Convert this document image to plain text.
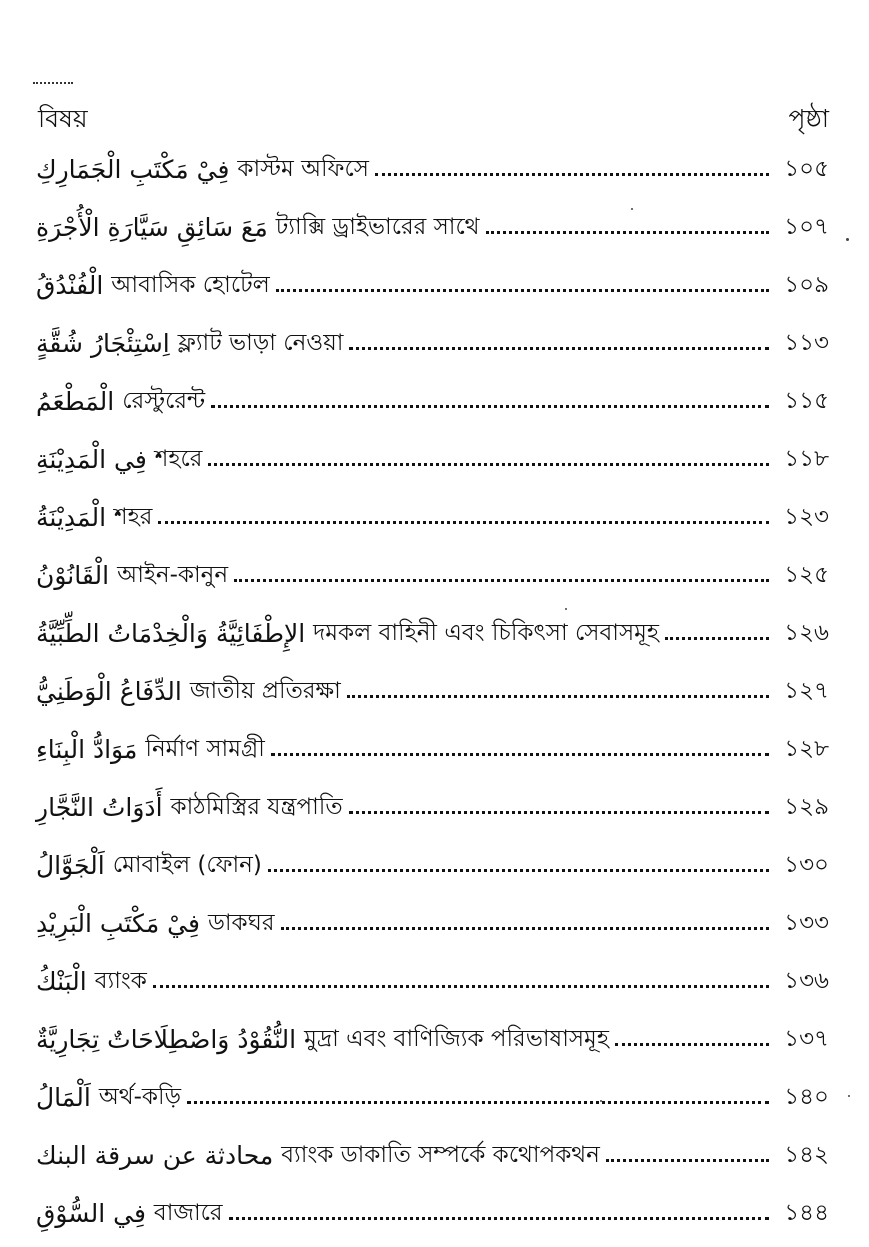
বিষয়	পৃষ্ঠা
فِيْ مَكْتَبِ الْجَمَارِكِ কাস্টম অফিসে	১০৫
مَعَ سَائِقِ سَيَّارَةِ الْأُجْرَةِ ট্যাক্সি ড্রাইভারের সাথে	১০৭
الْفُنْدُقُ আবাসিক হোটেল	১০৯
اِسْتِئْجَارُ شُقَّةٍ ফ্ল্যাট ভাড়া নেওয়া	১১৩
الْمَطْعَمُ রেস্টুরেন্ট	১১৫
فِي الْمَدِيْنَةِ শহরে	১১৮
الْمَدِيْنَةُ শহর	১২৩
الْقَانُوْنُ আইন-কানুন	১২৫
الإِطْفَائِيَّةُ وَالْخِدْمَاتُ الطِّبِّيَّةُ দমকল বাহিনী এবং চিকিৎসা সেবাসমূহ	১২৬
الدِّفَاعُ الْوَطَنِيُّ জাতীয় প্রতিরক্ষা	১২৭
مَوَادُّ الْبِنَاءِ নির্মাণ সামগ্রী	১২৮
أَدَوَاتُ النَّجَّارِ কাঠমিস্ত্রির যন্ত্রপাতি	১২৯
اَلْجَوَّالُ মোবাইল (ফোন)	১৩০
فِيْ مَكْتَبِ الْبَرِيْدِ ডাকঘর	১৩৩
الْبَنْكُ ব্যাংক	১৩৬
النُّقُوْدُ وَاصْطِلَاحَاتٌ تِجَارِيَّةٌ মুদ্রা এবং বাণিজ্যিক পরিভাষাসমূহ	১৩৭
اَلْمَالُ অর্থ-কড়ি	১৪০
محادثة عن سرقة البنك ব্যাংক ডাকাতি সম্পর্কে কথোপকথন	১৪২
فِي السُّوْقِ বাজারে	১৪৪
